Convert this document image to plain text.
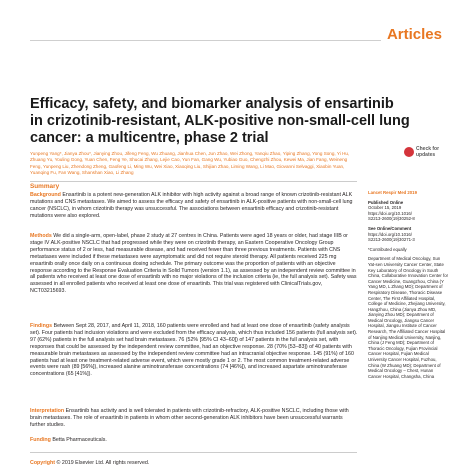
Articles
Efficacy, safety, and biomarker analysis of ensartinib in crizotinib-resistant, ALK-positive non-small-cell lung cancer: a multicentre, phase 2 trial
Yunpeng Yang*, Jianya Zhou*, Jianying Zhou, Jifeng Feng, Wu Zhuang, Jianhua Chen, Jun Zhao, Wei Zhong, Yanqiu Zhao, Yiping Zhang, Yong Song, Yi Hu, Zhuang Yu, Youling Gong, Yuan Chen, Feng Ye, Shucai Zhang, Lejie Cao, Yun Fan, Gang Wu, Yubiao Guo, Chengzhi Zhou, Kewei Ma, Jian Fang, Weineng Feng, Yunpeng Liu, Zhendong Zheng, Gaofeng Li, Ming Wu, Wei Xiao, Xiaoqing Liu, Shijian Zhao, Liming Wang, Li Mao, Giovanni Selvaggi, Xiaobin Yuan, Yuanqing Fu, Fan Wang, Shanshan Xiao, Li Zhang
Check for
updates
Summary

Background Ensartinib is a potent new-generation ALK inhibitor with high activity against a broad range of known crizotinib-resistant ALK mutations and CNS metastases. We aimed to assess the efficacy and safety of ensartinib in ALK-positive patients with non-small-cell lung cancer (NSCLC), in whom crizotinib therapy was unsuccessful. The associations between ensartinib efficacy and crizotinib-resistant mutations were also explored.

Methods We did a single-arm, open-label, phase 2 study at 27 centres in China. Patients were aged 18 years or older, had stage IIIB or stage IV ALK-positive NSCLC that had progressed while they were on crizotinib therapy, an Eastern Cooperative Oncology Group performance status of 2 or less, had measurable disease, and had received fewer than three previous treatments. Patients with CNS metastases were included if these metastases were asymptomatic and did not require steroid therapy. All patients received 225 mg ensartinib orally once daily on a continuous dosing schedule. The primary outcome was the proportion of patients with an objective response according to the Response Evaluation Criteria in Solid Tumors (version 1.1), as assessed by an independent review committee in all patients who received at least one dose of ensartinib with no major violations of the inclusion criteria (ie, the full analysis set). Safety was assessed in all enrolled patients who received at least one dose of ensartinib. This trial was registered with ClinicalTrials.gov, NCT03215693.

Findings Between Sept 28, 2017, and April 11, 2018, 160 patients were enrolled and had at least one dose of ensartinib (safety analysis set). Four patients had inclusion violations and were excluded from the efficacy analysis, which thus included 156 patients (full analysis set). 97 (62%) patients in the full analysis set had brain metastases. 76 (52% [95% CI 43–60]) of 147 patients in the full analysis set, with responses that could be assessed by the independent review committee, had an objective response. 28 (70% [53–83]) of 40 patients with measurable brain metastases as assessed by the independent review committee had an intracranial objective response. 145 (91%) of 160 patients had at least one treatment-related adverse event, which were mostly grade 1 or 2. The most common treatment-related adverse events were rash (89 [56%]), increased alanine aminotransferase concentrations (74 [46%]), and increased aspartate aminotransferase concentrations (65 [41%]).

Interpretation Ensartinib has activity and is well tolerated in patients with crizotinib-refractory, ALK-positive NSCLC, including those with brain metastases. The role of ensartinib in patients in whom other second-generation ALK inhibitors have been unsuccessful warrants further studies.

Funding Betta Pharmaceuticals.

Copyright © 2019 Elsevier Ltd. All rights reserved.
Lancet Respir Med 2019
Published Online
October 15, 2019
https://doi.org/10.1016/
S2213-2600(19)30252-8
See Online/Comment
https://doi.org/10.1016/
S2213-2600(19)30271-3
*Contributed equally
Department of Medical Oncology, Sun Yat-sen University Cancer Center, State Key Laboratory of Oncology in South China, Collaborative Innovation Center for Cancer Medicine, Guangzhou, China (Y Yang MD, L Zhang MD); Department of Respiratory Disease, Thoracic Disease Center, The First Affiliated Hospital, College of Medicine, Zhejiang University, Hangzhou, China (Jianya Zhou MD, Jianying Zhou MD); Department of Medical Oncology, Jiangsu Cancer Hospital, Jiangsu Institute of Cancer Research, The Affiliated Cancer Hospital of Nanjing Medical University, Nanjing, China (J Feng MD); Department of Thoracic Oncology, Fujian Provincial Cancer Hospital, Fujian Medical University Cancer Hospital, Fuzhou, China (W Zhuang MD); Department of Medical Oncology – Chest, Hunan Cancer Hospital, Changsha, China
